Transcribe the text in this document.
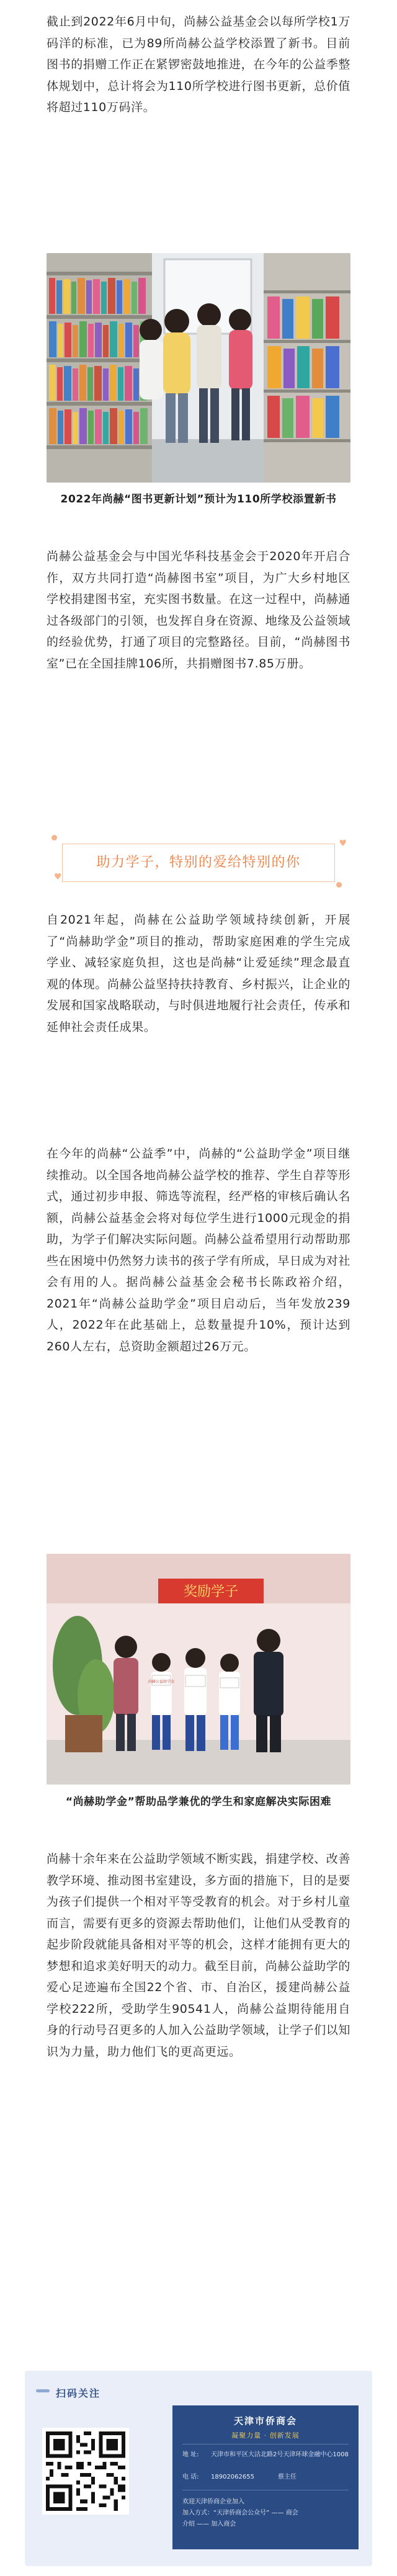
截止到2022年6月中旬，尚赫公益基金会以每所学校1万码洋的标准，已为89所尚赫公益学校添置了新书。目前图书的捐赠工作正在紧锣密鼓地推进，在今年的公益季整体规划中，总计将会为110所学校进行图书更新，总价值将超过110万码洋。

2022年尚赫“图书更新计划”预计为110所学校添置新书

尚赫公益基金会与中国光华科技基金会于2020年开启合作，双方共同打造“尚赫图书室”项目，为广大乡村地区学校捐建图书室，充实图书数量。在这一过程中，尚赫通过各级部门的引领，也发挥自身在资源、地缘及公益领域的经验优势，打通了项目的完整路径。目前，“尚赫图书室”已在全国挂牌106所，共捐赠图书7.85万册。

♥
♥
助力学子，特别的爱给特别的你

自2021年起，尚赫在公益助学领域持续创新，开展了“尚赫助学金”项目的推动，帮助家庭困难的学生完成学业、减轻家庭负担，这也是尚赫“让爱延续”理念最直观的体现。尚赫公益坚持扶持教育、乡村振兴，让企业的发展和国家战略联动，与时俱进地履行社会责任，传承和延伸社会责任成果。

在今年的尚赫“公益季”中，尚赫的“公益助学金”项目继续推动。以全国各地尚赫公益学校的推荐、学生自荐等形式，通过初步申报、筛选等流程，经严格的审核后确认名额，尚赫公益基金会将对每位学生进行1000元现金的捐助，为学子们解决实际问题。尚赫公益希望用行动帮助那些在困境中仍然努力读书的孩子学有所成，早日成为对社会有用的人。据尚赫公益基金会秘书长陈政裕介绍，2021年“尚赫公益助学金”项目启动后，当年发放239人，2022年在此基础上，总数量提升10%，预计达到260人左右，总资助金额超过26万元。

奖励学子
尚赫公益助学金
“尚赫助学金”帮助品学兼优的学生和家庭解决实际困难

尚赫十余年来在公益助学领域不断实践，捐建学校、改善教学环境、推动图书室建设，多方面的措施下，目的是要为孩子们提供一个相对平等受教育的机会。对于乡村儿童而言，需要有更多的资源去帮助他们，让他们从受教育的起步阶段就能具备相对平等的机会，这样才能拥有更大的梦想和追求美好明天的动力。截至目前，尚赫公益助学的爱心足迹遍布全国22个省、市、自治区，援建尚赫公益学校222所，受助学生90541人，尚赫公益期待能用自身的行动号召更多的人加入公益助学领域，让学子们以知识为力量，助力他们飞的更高更远。

扫码关注
天津市侨商会
凝聚力量 · 创新发展
地 址:	天津市和平区大沽北路2号天津环球金融中心1008
电 话:	18902062655	蔡主任
欢迎天津侨商企业加入
加入方式：“天津侨商会公众号” —— 商会
介绍 —— 加入商会
